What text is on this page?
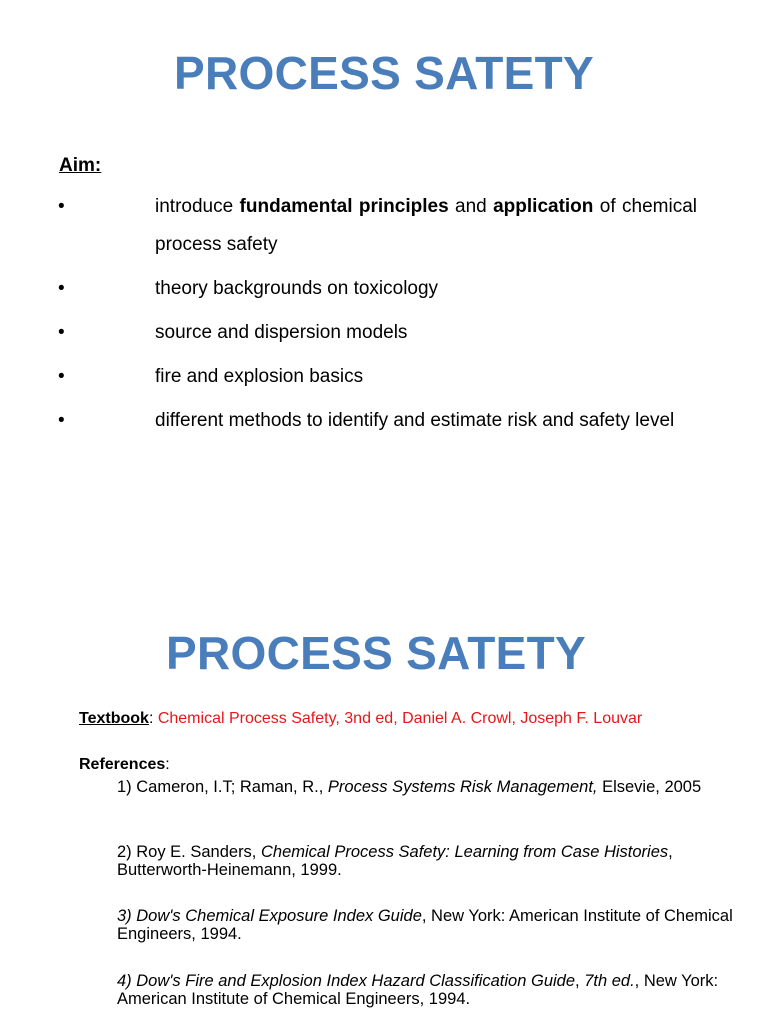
PROCESS SATETY
Aim:
•	introduce fundamental principles and application of chemical process safety
•	theory backgrounds on toxicology
•	source and dispersion models
•	fire and explosion basics
•	different methods to identify and estimate risk and safety level
PROCESS SATETY
Textbook: Chemical Process Safety, 3nd ed, Daniel A. Crowl, Joseph F. Louvar
References:
1) Cameron, I.T; Raman, R., Process Systems Risk Management, Elsevie, 2005
2) Roy E. Sanders, Chemical Process Safety: Learning from Case Histories, Butterworth-Heinemann, 1999.
3) Dow's Chemical Exposure Index Guide, New York: American Institute of Chemical Engineers, 1994.
4) Dow's Fire and Explosion Index Hazard Classification Guide, 7th ed., New York: American Institute of Chemical Engineers, 1994.
